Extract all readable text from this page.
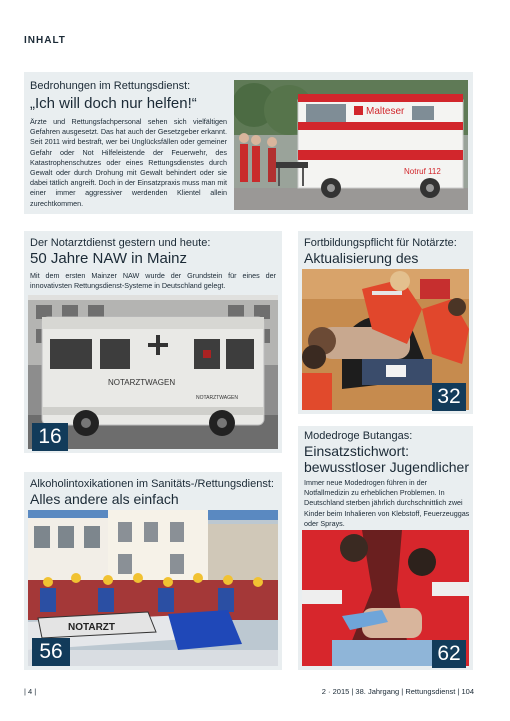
INHALT
Bedrohungen im Rettungsdienst:
„Ich will doch nur helfen!“
Ärzte und Rettungsfachpersonal sehen sich vielfältigen Gefahren ausgesetzt. Das hat auch der Gesetzgeber erkannt. Seit 2011 wird bestraft, wer bei Unglücksfällen oder gemeiner Gefahr oder Not Hilfeleistende der Feuerwehr, des Katastrophenschutzes oder eines Rettungsdienstes durch Gewalt oder durch Drohung mit Gewalt behindert oder sie dabei tätlich angreift. Doch in der Einsatzpraxis muss man mit einer immer aggressiver werdenden Klientel allein zurechtkommen.
Malteser
Notruf 112
Der Notarztdienst gestern und heute:
50 Jahre NAW in Mainz
Mit dem ersten Mainzer NAW wurde der Grundstein für eines der innovativsten Rettungsdienst-Systeme in Deutschland gelegt.
NOTARZTWAGEN
NOTARZTWAGEN
16
Fortbildungspflicht für Notärzte:
Aktualisierung des
32
Modedroge Butangas:
Einsatzstichwort: bewusstloser Jugendlicher
Immer neue Modedrogen führen in der Notfallmedizin zu erheblichen Problemen. In Deutschland sterben jährlich durchschnittlich zwei Kinder beim Inhalieren von Klebstoff, Feuerzeuggas oder Sprays.
62
Alkoholintoxikationen im Sanitäts-/Rettungsdienst:
Alles andere als einfach
NOTARZT
56
| 4 |	2 · 2015 | 38. Jahrgang | Rettungsdienst | 104
